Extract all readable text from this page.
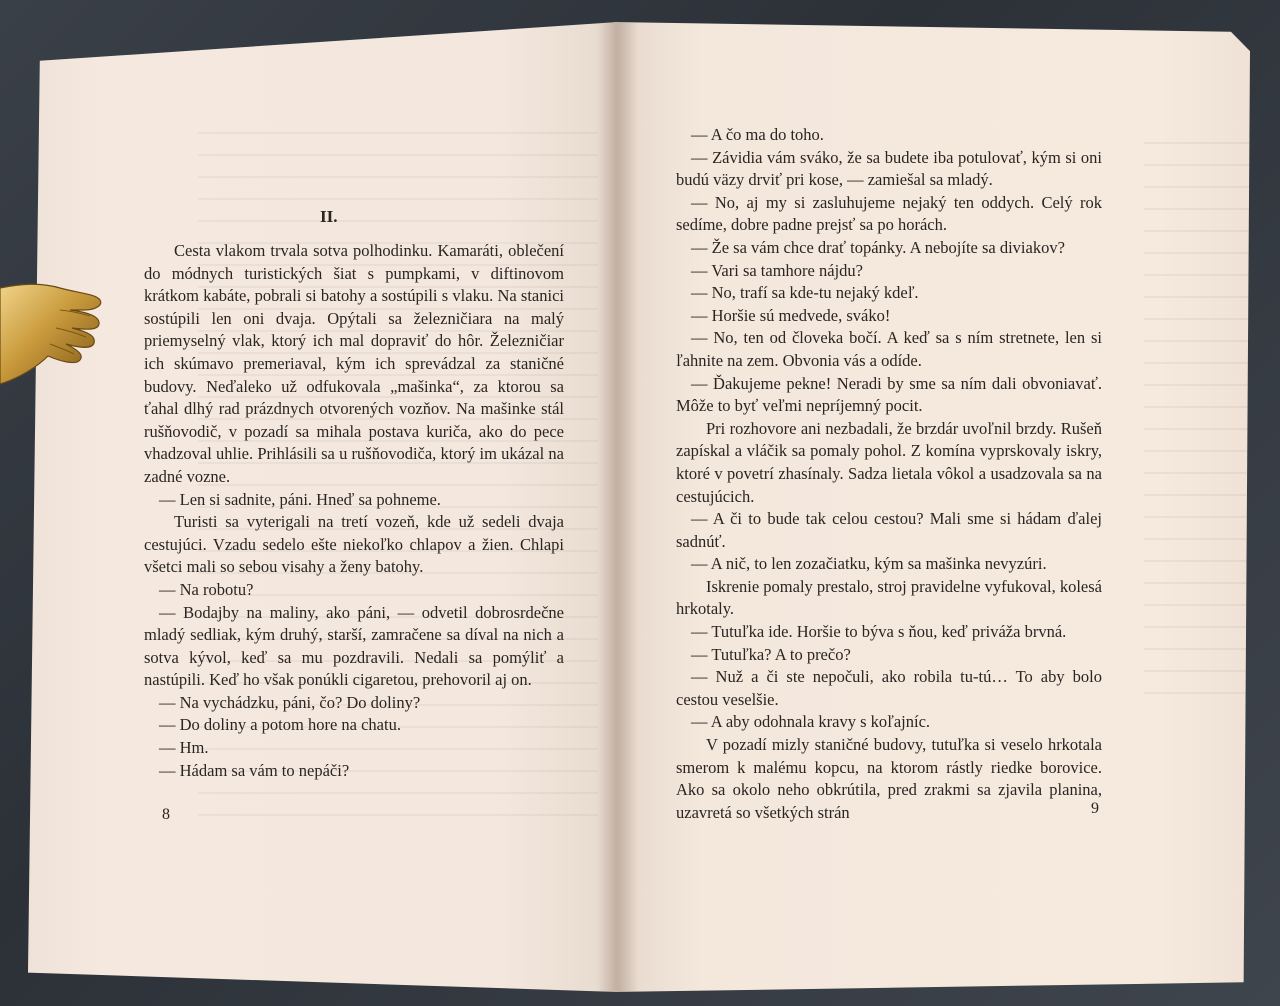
II.

Cesta vlakom trvala sotva polhodinku. Kamaráti, oblečení do módnych turistických šiat s pumpkami, v diftinovom krátkom kabáte, pobrali si batohy a sostúpili s vlaku. Na stanici sostúpili len oni dvaja. Opýtali sa železničiara na malý priemyselný vlak, ktorý ich mal dopraviť do hôr. Železničiar ich skúmavo premeriaval, kým ich sprevádzal za staničné budovy. Neďaleko už odfukovala „mašinka“, za ktorou sa ťahal dlhý rad prázdnych otvorených vozňov. Na mašinke stál rušňovodič, v pozadí sa mihala postava kuriča, ako do pece vhadzoval uhlie. Prihlásili sa u rušňovodiča, ktorý im ukázal na zadné vozne.

— Len si sadnite, páni. Hneď sa pohneme.

Turisti sa vyterigali na tretí vozeň, kde už sedeli dvaja cestujúci. Vzadu sedelo ešte niekoľko chlapov a žien. Chlapi všetci mali so sebou visahy a ženy batohy.

— Na robotu?

— Bodajby na maliny, ako páni, — odvetil dobrosrdečne mladý sedliak, kým druhý, starší, zamračene sa díval na nich a sotva kývol, keď sa mu pozdravili. Nedali sa pomýliť a nastúpili. Keď ho však ponúkli cigaretou, prehovoril aj on.

— Na vychádzku, páni, čo? Do doliny?

— Do doliny a potom hore na chatu.

— Hm.

— Hádam sa vám to nepáči?

— A čo ma do toho.

— Závidia vám sváko, že sa budete iba potulovať, kým si oni budú väzy drviť pri kose, — zamiešal sa mladý.

— No, aj my si zasluhujeme nejaký ten oddych. Celý rok sedíme, dobre padne prejsť sa po horách.

— Že sa vám chce drať topánky. A nebojíte sa diviakov?

— Vari sa tamhore nájdu?

— No, trafí sa kde-tu nejaký kdeľ.

— Horšie sú medvede, sváko!

— No, ten od človeka bočí. A keď sa s ním stretnete, len si ľahnite na zem. Obvonia vás a odíde.

— Ďakujeme pekne! Neradi by sme sa ním dali obvoniavať. Môže to byť veľmi nepríjemný pocit.

Pri rozhovore ani nezbadali, že brzdár uvoľnil brzdy. Rušeň zapískal a vláčik sa pomaly pohol. Z komína vyprskovaly iskry, ktoré v povetrí zhasínaly. Sadza lietala vôkol a usadzovala sa na cestujúcich.

— A či to bude tak celou cestou? Mali sme si hádam ďalej sadnúť.

— A nič, to len zozačiatku, kým sa mašinka nevyzúri.

Iskrenie pomaly prestalo, stroj pravidelne vyfukoval, kolesá hrkotaly.

— Tutuľka ide. Horšie to býva s ňou, keď priváža brvná.

— Tutuľka? A to prečo?

— Nuž a či ste nepočuli, ako robila tu-tú… To aby bolo cestou veselšie.

— A aby odohnala kravy s koľajníc.

V pozadí mizly staničné budovy, tutuľka si veselo hrkotala smerom k malému kopcu, na ktorom rástly riedke borovice. Ako sa okolo neho obkrútila, pred zrakmi sa zjavila planina, uzavretá so všetkých strán

8	9
